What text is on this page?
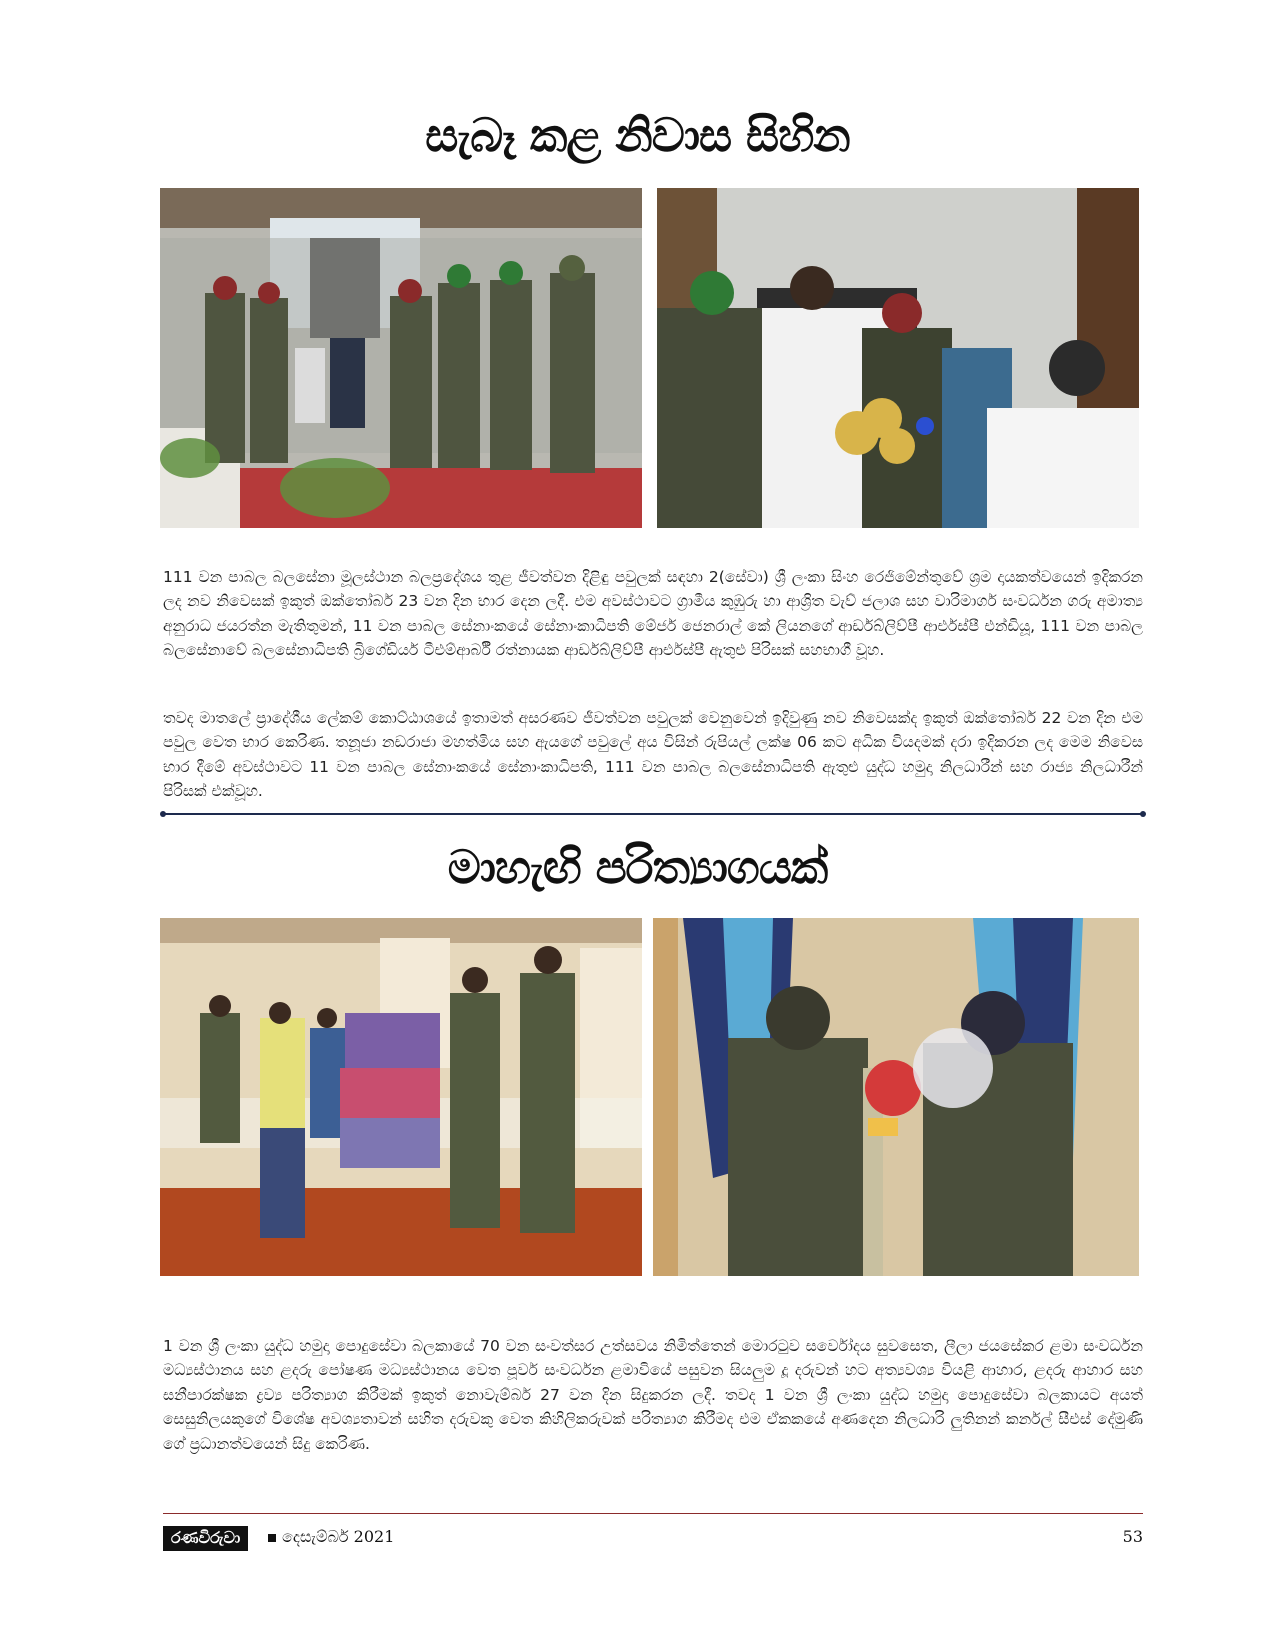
සැබෑ කළ නිවාස සිහින

111 වන පාබල බලසේනා මූලස්ථාන බලප්‍රදේශය තුළ ජීවත්වන දිළිඳු පවුලක් සඳහා 2(සේවා) ශ්‍රී ලංකා සිංහ රෙජිමේන්තුවේ ශ්‍රම දායකත්වයෙන් ඉදිකරන ලද නව නිවෙසක් ඉකුත් ඔක්තෝබර් 23 වන දින භාර දෙන ලදී. එම අවස්ථාවට ග්‍රාමීය කුඹුරු හා ආශ්‍රිත වැව් ජලාශ සහ වාරිමාර්ග සංවර්ධන ගරු අමාත්‍ය අනුරාධ ජයරත්න මැතිතුමන්, 11 වන පාබල සේනාංකයේ සේනාංකාධිපති මේජර් ජෙනරාල් කේ ලියනගේ ආර්ඩබ්ලිව්පී ආර්එස්පී එන්ඩියූ, 111 වන පාබල බලසේනාවේ බලසේනාධිපති බ්‍රිගේඩියර් ටීඑම්ආර්බී රත්නායක ආර්ඩබ්ලිව්පී ආර්එස්පී ඇතුළු පිරිසක් සහභාගී වූහ.

තවද මාතලේ ප්‍රාදේශීය ලේකම් කොට්ඨාශයේ ඉතාමත් අසරණව ජීවත්වන පවුලක් වෙනුවෙන් ඉදිවුණු නව නිවෙසක්ද ඉකුත් ඔක්තෝබර් 22 වන දින එම පවුල වෙත භාර කෙරිණ. තනූජා නඩරාජා මහත්මිය සහ ඇයගේ පවුලේ අය විසින් රුපියල් ලක්ෂ 06 කට අධික වියදමක් දරා ඉදිකරන ලද මෙම නිවෙස භාර දීමේ අවස්ථාවට 11 වන පාබල සේනාංකයේ සේනාංකාධිපති, 111 වන පාබල බලසේනාධිපති ඇතුළු යුද්ධ හමුදා නිලධාරීන් සහ රාජ්‍ය නිලධාරීන් පිරිසක් එක්වූහ.

මාහැඟි පරිත්‍යාගයක්

1 වන ශ්‍රී ලංකා යුද්ධ හමුදා පොදුසේවා බලකායේ 70 වන සංවත්සර උත්සවය නිමිත්තෙන් මොරටුව සර්වෝදය සුවසෙත, ලීලා ජයසේකර ළමා සංවර්ධන මධ්‍යස්ථානය සහ ළදරු පෝෂණ මධ්‍යස්ථානය වෙත පූර්ව සංවර්ධන ළමාවියේ පසුවන සියලුම දූ දරුවන් හට අත්‍යවශ්‍ය වියළි ආහාර, ළදරු ආහාර සහ සනීපාරක්ෂක ද්‍රව්‍ය පරිත්‍යාග කිරීමක් ඉකුත් නොවැම්බර් 27 වන දින සිදුකරන ලදී. තවද 1 වන ශ්‍රී ලංකා යුද්ධ හමුදා පොදුසේවා බලකායට අයත් සෙසුනිලයකුගේ විශේෂ අවශ්‍යතාවන් සහිත දරුවකු වෙත කිහිලිකරුවක් පරිත්‍යාග කිරීමද එම ඒකකයේ අණදෙන නිලධාරි ලුතිනන් කර්නල් සීඑස් දේමුණි ගේ ප්‍රධානත්වයෙන් සිදු කෙරිණ.

රණවිරුවා	දෙසැම්බර් 2021	53
